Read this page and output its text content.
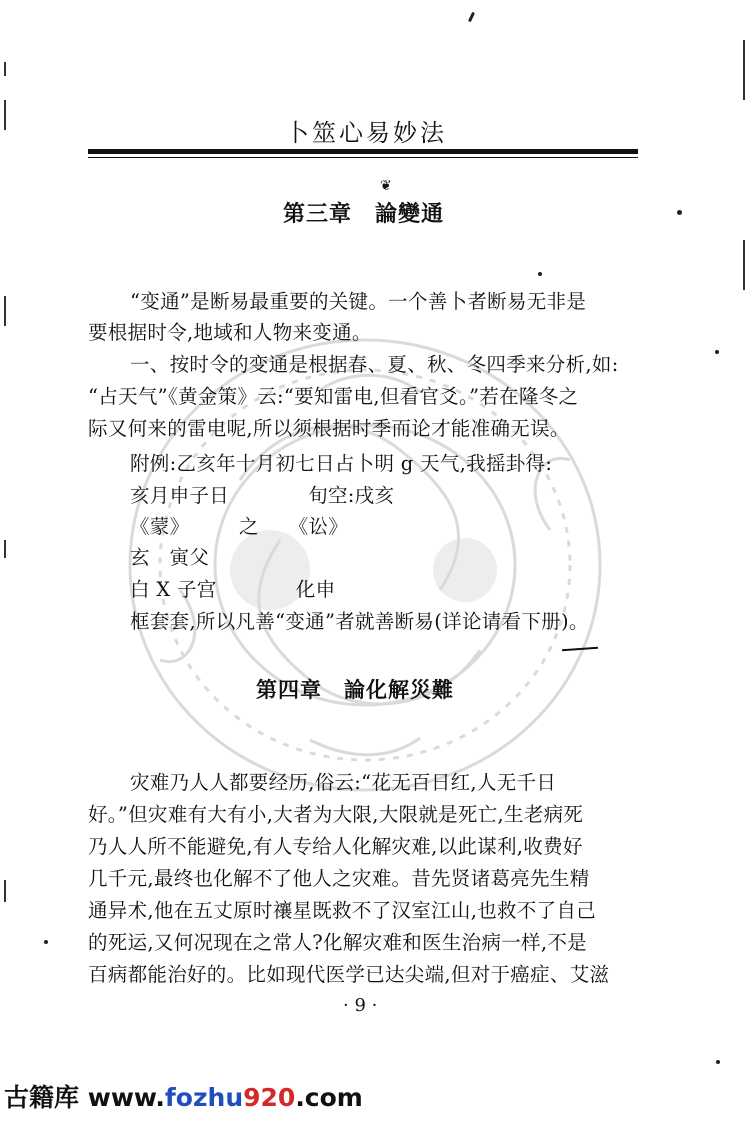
卜筮心易妙法
❦
第三章　論變通
“变通”是断易最重要的关键。一个善卜者断易无非是
要根据时令,地域和人物来变通。
一、按时令的变通是根据春、夏、秋、冬四季来分析,如:
“占天气”《黄金策》云:“要知雷电,但看官爻。”若在隆冬之
际又何来的雷电呢,所以须根据时季而论才能准确无误。
附例:乙亥年十月初七日占卜明 g 天气,我摇卦得:
亥月申子日　　　　旬空:戌亥
《蒙》　　　之　　《讼》
玄　寅父
白 X 子宫　　　　化申
框套套,所以凡善“变通”者就善断易(详论请看下册)。
第四章　論化解災難
灾难乃人人都要经历,俗云:“花无百日红,人无千日
好。”但灾难有大有小,大者为大限,大限就是死亡,生老病死
乃人人所不能避免,有人专给人化解灾难,以此谋利,收费好
几千元,最终也化解不了他人之灾难。昔先贤诸葛亮先生精
通异术,他在五丈原时禳星既救不了汉室江山,也救不了自己
的死运,又何况现在之常人?化解灾难和医生治病一样,不是
百病都能治好的。比如现代医学已达尖端,但对于癌症、艾滋
· 9 ·
古籍库 www.fozhu920.com
